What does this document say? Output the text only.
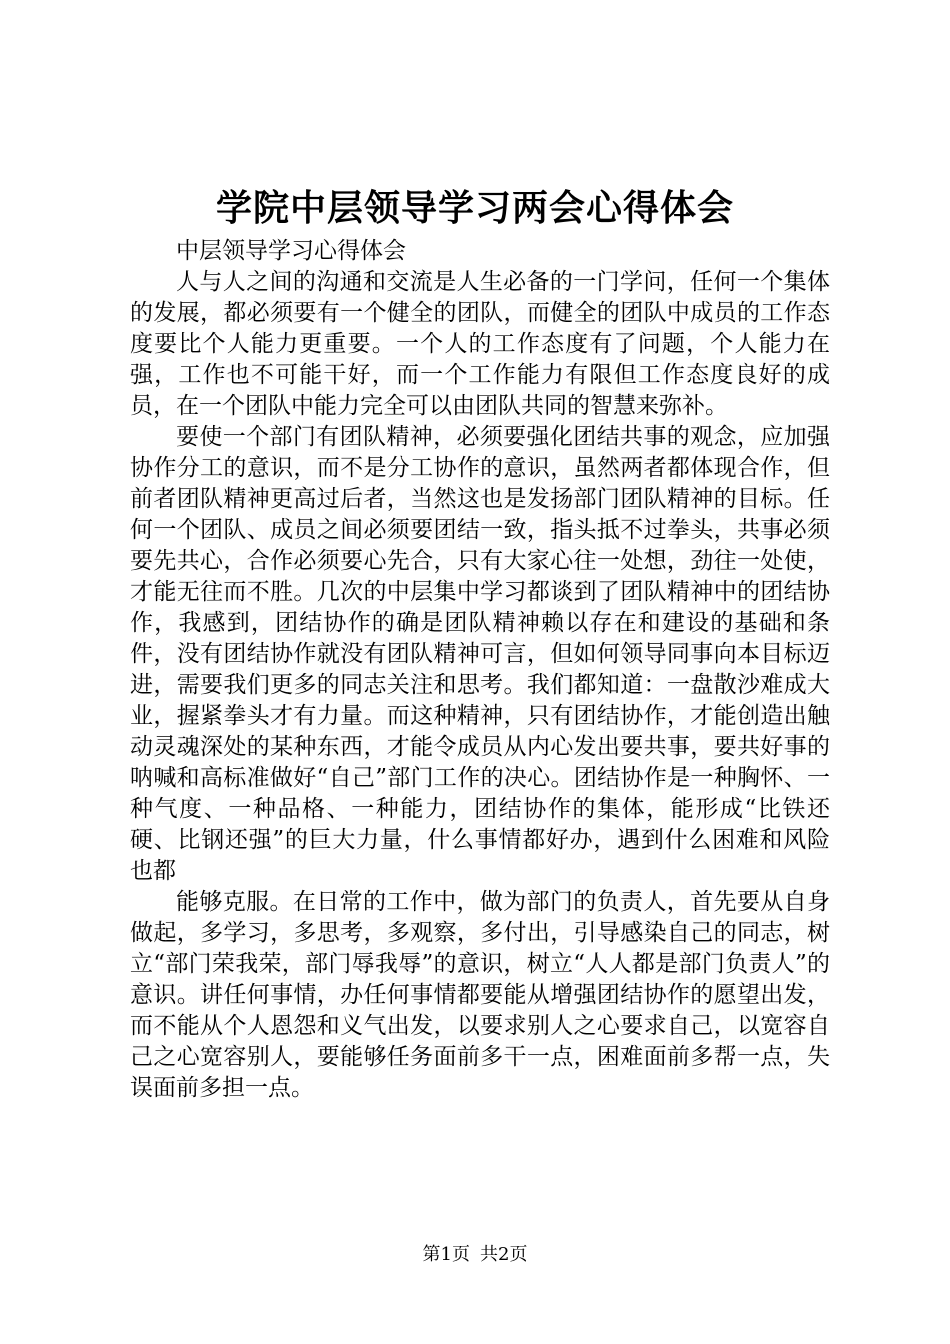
学院中层领导学习两会心得体会

中层领导学习心得体会

人与人之间的沟通和交流是人生必备的一门学问，任何一个集体的发展，都必须要有一个健全的团队，而健全的团队中成员的工作态度要比个人能力更重要。一个人的工作态度有了问题，个人能力在强，工作也不可能干好，而一个工作能力有限但工作态度良好的成员，在一个团队中能力完全可以由团队共同的智慧来弥补。

要使一个部门有团队精神，必须要强化团结共事的观念，应加强协作分工的意识，而不是分工协作的意识，虽然两者都体现合作，但前者团队精神更高过后者，当然这也是发扬部门团队精神的目标。任何一个团队、成员之间必须要团结一致，指头抵不过拳头，共事必须要先共心，合作必须要心先合，只有大家心往一处想，劲往一处使，才能无往而不胜。几次的中层集中学习都谈到了团队精神中的团结协作，我感到，团结协作的确是团队精神赖以存在和建设的基础和条件，没有团结协作就没有团队精神可言，但如何领导同事向本目标迈进，需要我们更多的同志关注和思考。我们都知道：一盘散沙难成大业，握紧拳头才有力量。而这种精神，只有团结协作，才能创造出触动灵魂深处的某种东西，才能令成员从内心发出要共事，要共好事的呐喊和高标准做好“自己”部门工作的决心。团结协作是一种胸怀、一种气度、一种品格、一种能力，团结协作的集体，能形成“比铁还硬、比钢还强”的巨大力量，什么事情都好办，遇到什么困难和风险也都

能够克服。在日常的工作中，做为部门的负责人，首先要从自身做起，多学习，多思考，多观察，多付出，引导感染自己的同志，树立“部门荣我荣，部门辱我辱”的意识，树立“人人都是部门负责人”的意识。讲任何事情，办任何事情都要能从增强团结协作的愿望出发，而不能从个人恩怨和义气出发，以要求别人之心要求自己，以宽容自己之心宽容别人，要能够任务面前多干一点，困难面前多帮一点，失误面前多担一点。

第1页 共2页
